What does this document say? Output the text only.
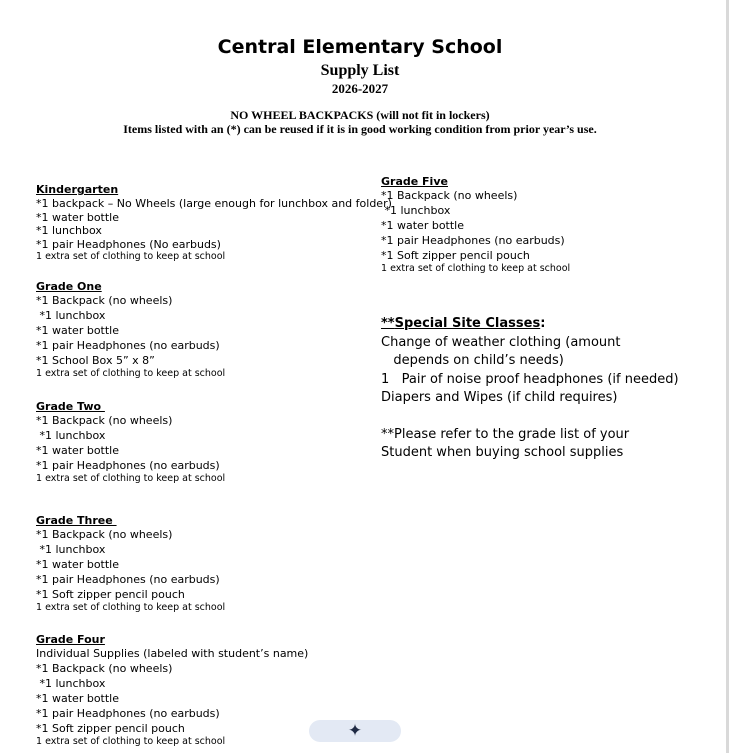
Central Elementary School
Supply List
2026-2027
NO WHEEL BACKPACKS (will not fit in lockers)
Items listed with an (*) can be reused if it is in good working condition from prior year’s use.
Kindergarten
*1 backpack – No Wheels (large enough for lunchbox and folder)
*1 water bottle
*1 lunchbox
*1 pair Headphones (No earbuds)
1 extra set of clothing to keep at school
Grade One
*1 Backpack (no wheels)
*1 lunchbox
*1 water bottle
*1 pair Headphones (no earbuds)
*1 School Box 5” x 8”
1 extra set of clothing to keep at school
Grade Two
*1 Backpack (no wheels)
*1 lunchbox
*1 water bottle
*1 pair Headphones (no earbuds)
1 extra set of clothing to keep at school
Grade Three
*1 Backpack (no wheels)
*1 lunchbox
*1 water bottle
*1 pair Headphones (no earbuds)
*1 Soft zipper pencil pouch
1 extra set of clothing to keep at school
Grade Four
Individual Supplies (labeled with student’s name)
*1 Backpack (no wheels)
*1 lunchbox
*1 water bottle
*1 pair Headphones (no earbuds)
*1 Soft zipper pencil pouch
1 extra set of clothing to keep at school
Grade Five
*1 Backpack (no wheels)
*1 lunchbox
*1 water bottle
*1 pair Headphones (no earbuds)
*1 Soft zipper pencil pouch
1 extra set of clothing to keep at school
**Special Site Classes:
Change of weather clothing (amount
depends on child’s needs)
1   Pair of noise proof headphones (if needed)
Diapers and Wipes (if child requires)
**Please refer to the grade list of your
Student when buying school supplies
✦
